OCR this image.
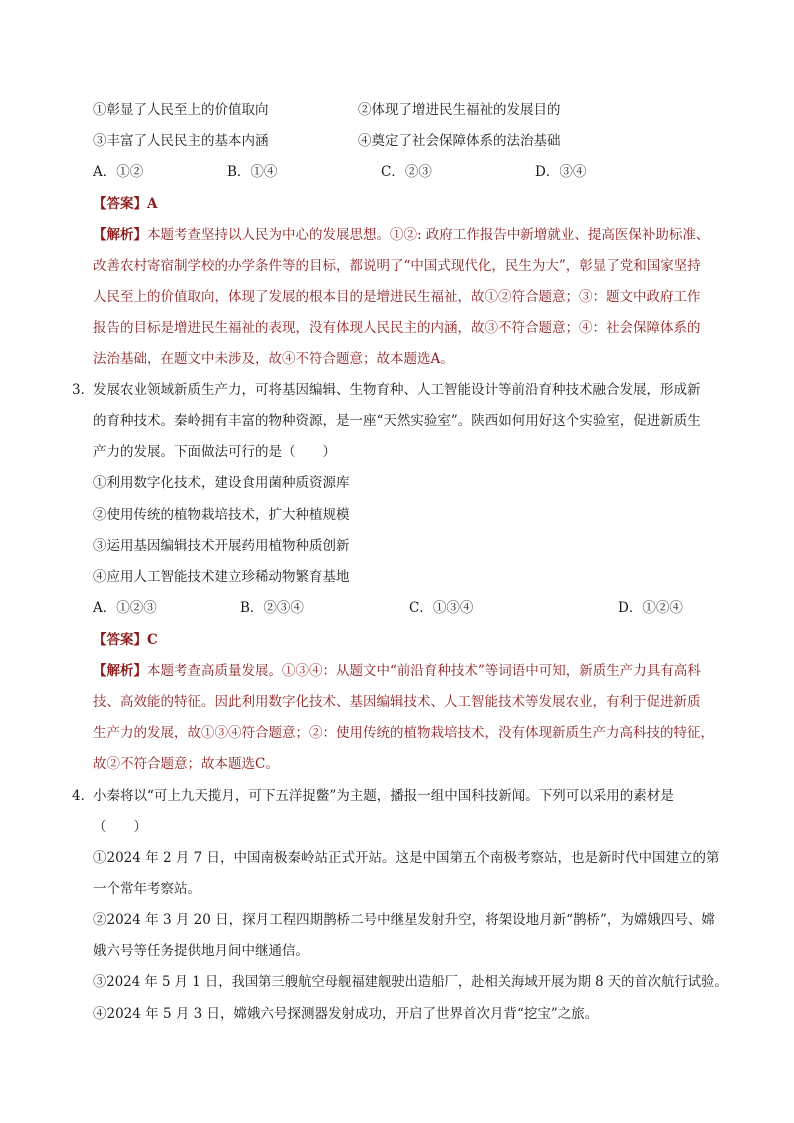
①彰显了人民至上的价值取向	②体现了增进民生福祉的发展目的
③丰富了人民民主的基本内涵	④奠定了社会保障体系的法治基础
A．①②	B．①④	C．②③	D．③④
【答案】A
【解析】本题考查坚持以人民为中心的发展思想。①②: 政府工作报告中新增就业、提高医保补助标准、
改善农村寄宿制学校的办学条件等的目标，都说明了“中国式现代化，民生为大”，彰显了党和国家坚持
人民至上的价值取向，体现了发展的根本目的是增进民生福祉，故①②符合题意；③：题文中政府工作
报告的目标是增进民生福祉的表现，没有体现人民民主的内涵，故③不符合题意；④：社会保障体系的
法治基础，在题文中未涉及，故④不符合题意；故本题选A。
3．
发展农业领域新质生产力，可将基因编辑、生物育种、人工智能设计等前沿育种技术融合发展，形成新
的育种技术。秦岭拥有丰富的物种资源，是一座“天然实验室”。陕西如何用好这个实验室，促进新质生
产力的发展。下面做法可行的是（　　）
①利用数字化技术，建设食用菌种质资源库
②使用传统的植物栽培技术，扩大种植规模
③运用基因编辑技术开展药用植物种质创新
④应用人工智能技术建立珍稀动物繁育基地
A．①②③	B．②③④	C．①③④	D．①②④
【答案】C
【解析】本题考查高质量发展。①③④：从题文中“前沿育种技术”等词语中可知，新质生产力具有高科
技、高效能的特征。因此利用数字化技术、基因编辑技术、人工智能技术等发展农业，有利于促进新质
生产力的发展，故①③④符合题意；②：使用传统的植物栽培技术，没有体现新质生产力高科技的特征，
故②不符合题意；故本题选C。
4．
小秦将以“可上九天揽月，可下五洋捉鳖”为主题，播报一组中国科技新闻。下列可以采用的素材是
（　　）
①2024 年 2 月 7 日，中国南极秦岭站正式开站。这是中国第五个南极考察站，也是新时代中国建立的第
一个常年考察站。
②2024 年 3 月 20 日，探月工程四期鹊桥二号中继星发射升空，将架设地月新“鹊桥”，为嫦娥四号、嫦
娥六号等任务提供地月间中继通信。
③2024 年 5 月 1 日，我国第三艘航空母舰福建舰驶出造船厂，赴相关海域开展为期 8 天的首次航行试验。
④2024 年 5 月 3 日，嫦娥六号探测器发射成功，开启了世界首次月背“挖宝”之旅。
